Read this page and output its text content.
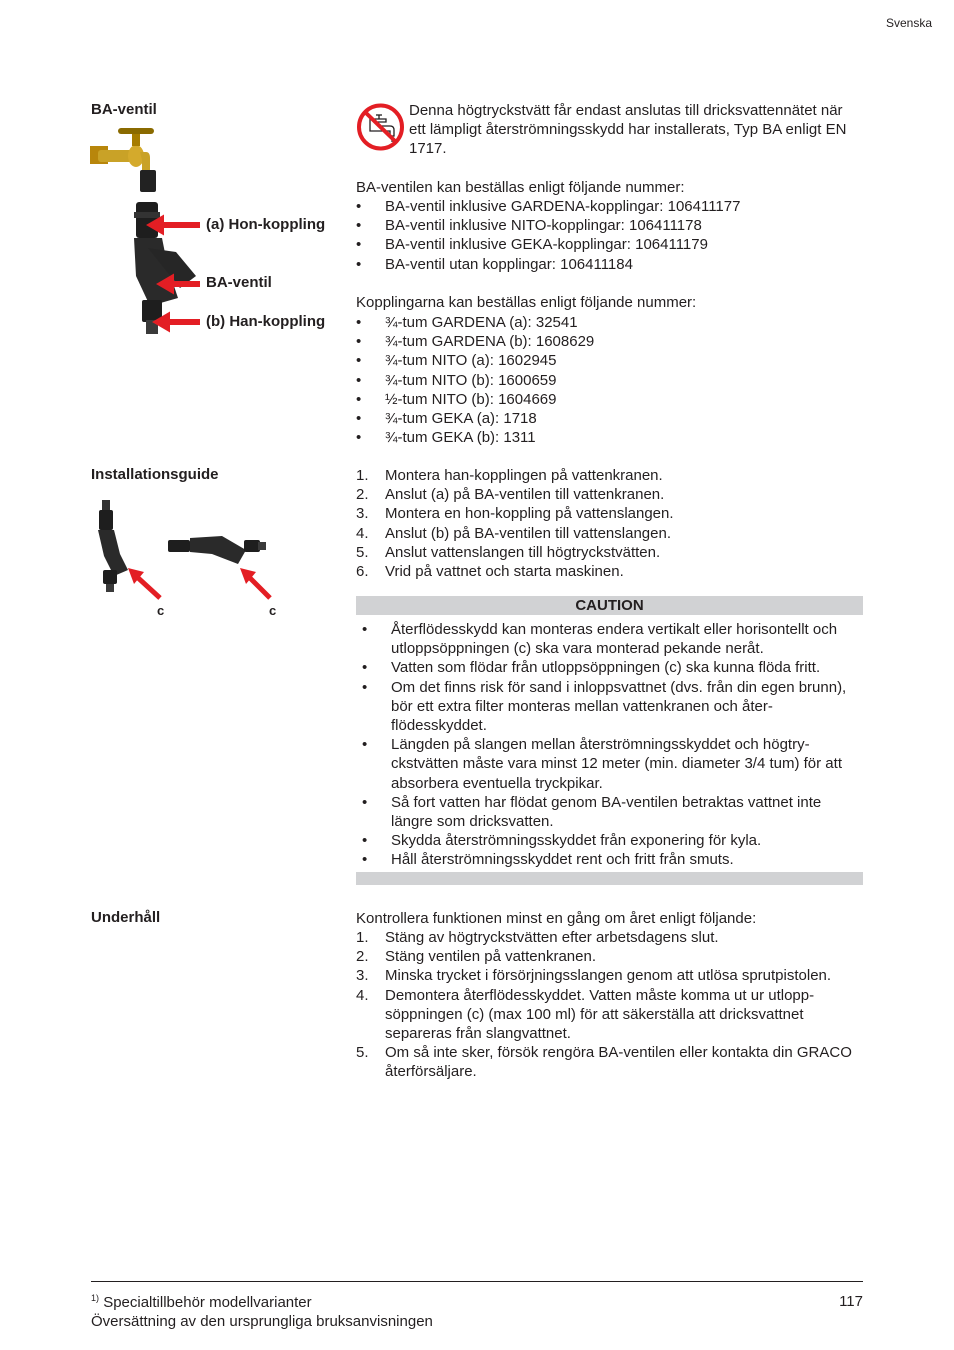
Svenska
BA-ventil
(a) Hon-koppling
BA-ventil
(b) Han-koppling
Denna högtryckstvätt får endast anslutas till dricksvattennätet när ett lämpligt återströmningsskydd har installerats, Typ BA enligt EN 1717.
BA-ventilen kan beställas enligt följande nummer:
• BA-ventil inklusive GARDENA-kopplingar: 106411177
• BA-ventil inklusive NITO-kopplingar: 106411178
• BA-ventil inklusive GEKA-kopplingar: 106411179
• BA-ventil utan kopplingar: 106411184
Kopplingarna kan beställas enligt följande nummer:
• ¾-tum GARDENA (a): 32541
• ¾-tum GARDENA (b): 1608629
• ¾-tum NITO (a): 1602945
• ¾-tum NITO (b): 1600659
• ½-tum NITO (b): 1604669
• ¾-tum GEKA (a): 1718
• ¾-tum GEKA (b): 1311
Installationsguide
c	c
1. Montera han-kopplingen på vattenkranen.
2. Anslut (a) på BA-ventilen till vattenkranen.
3. Montera en hon-koppling på vattenslangen.
4. Anslut (b) på BA-ventilen till vattenslangen.
5. Anslut vattenslangen till högtryckstvätten.
6. Vrid på vattnet och starta maskinen.
CAUTION
• Återflödesskydd kan monteras endera vertikalt eller horisontellt och utloppsöppningen (c) ska vara monterad pekande neråt.
• Vatten som flödar från utloppsöppningen (c) ska kunna flöda fritt.
• Om det finns risk för sand i inloppsvattnet (dvs. från din egen brunn), bör ett extra filter monteras mellan vattenkranen och åter-flödesskyddet.
• Längden på slangen mellan återströmningsskyddet och högtry-ckstvätten måste vara minst 12 meter (min. diameter 3/4 tum) för att absorbera eventuella tryckpikar.
• Så fort vatten har flödat genom BA-ventilen betraktas vattnet inte längre som dricksvatten.
• Skydda återströmningsskyddet från exponering för kyla.
• Håll återströmningsskyddet rent och fritt från smuts.
Underhåll	Kontrollera funktionen minst en gång om året enligt följande:
1. Stäng av högtryckstvätten efter arbetsdagens slut.
2. Stäng ventilen på vattenkranen.
3. Minska trycket i försörjningsslangen genom att utlösa sprutpistolen.
4. Demontera återflödesskyddet. Vatten måste komma ut ur utlopp-söppningen (c) (max 100 ml) för att säkerställa att dricksvattnet separeras från slangvattnet.
5. Om så inte sker, försök rengöra BA-ventilen eller kontakta din GRACO återförsäljare.
$^{1)}$ Specialtillbehör modellvarianter
Översättning av den ursprungliga bruksanvisningen
117
